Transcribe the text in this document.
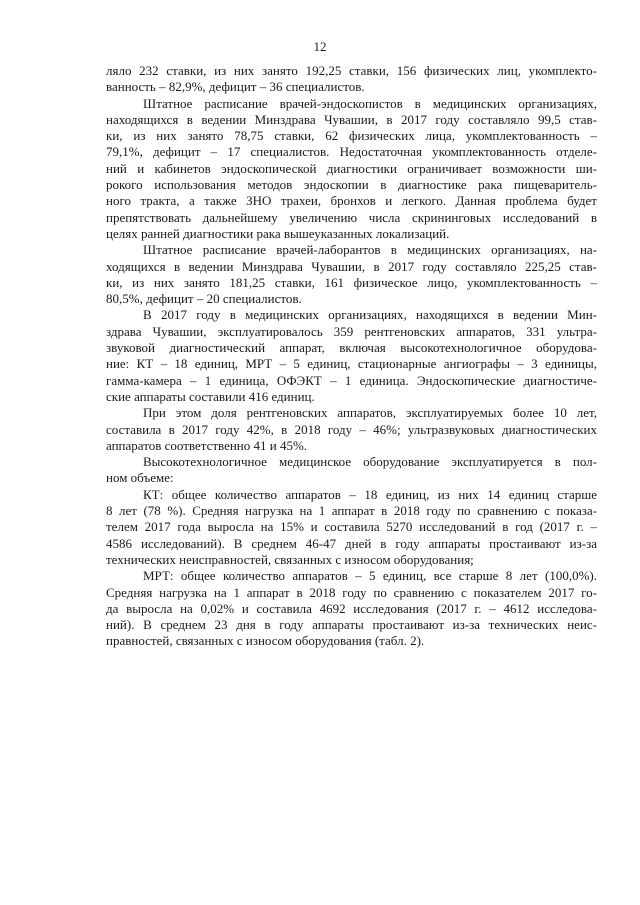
12
ляло 232 ставки, из них занято 192,25 ставки, 156 физических лиц, укомплекто-
ванность – 82,9%, дефицит – 36 специалистов.
Штатное расписание врачей-эндоскопистов в медицинских организациях,
находящихся в ведении Минздрава Чувашии, в 2017 году составляло 99,5 став-
ки, из них занято 78,75 ставки, 62 физических лица, укомплектованность –
79,1%, дефицит – 17 специалистов. Недостаточная укомплектованность отделе-
ний и кабинетов эндоскопической диагностики ограничивает возможности ши-
рокого использования методов эндоскопии в диагностике рака пищеваритель-
ного тракта, а также ЗНО трахеи, бронхов и легкого. Данная проблема будет
препятствовать дальнейшему увеличению числа скрининговых исследований в
целях ранней диагностики рака вышеуказанных локализаций.
Штатное расписание врачей-лаборантов в медицинских организациях, на-
ходящихся в ведении Минздрава Чувашии, в 2017 году составляло 225,25 став-
ки, из них занято 181,25 ставки, 161 физическое лицо, укомплектованность –
80,5%, дефицит – 20 специалистов.
В 2017 году в медицинских организациях, находящихся в ведении Мин-
здрава Чувашии, эксплуатировалось 359 рентгеновских аппаратов, 331 ультра-
звуковой диагностический аппарат, включая высокотехнологичное оборудова-
ние: КТ – 18 единиц, МРТ – 5 единиц, стационарные ангиографы – 3 единицы,
гамма-камера – 1 единица, ОФЭКТ – 1 единица. Эндоскопические диагностиче-
ские аппараты составили 416 единиц.
При этом доля рентгеновских аппаратов, эксплуатируемых более 10 лет,
составила в 2017 году 42%, в 2018 году – 46%; ультразвуковых диагностических
аппаратов соответственно 41 и 45%.
Высокотехнологичное медицинское оборудование эксплуатируется в пол-
ном объеме:
КТ: общее количество аппаратов – 18 единиц, из них 14 единиц старше
8 лет (78 %). Средняя нагрузка на 1 аппарат в 2018 году по сравнению с показа-
телем 2017 года выросла на 15% и составила 5270 исследований в год (2017 г. –
4586 исследований). В среднем 46-47 дней в году аппараты простаивают из-за
технических неисправностей, связанных с износом оборудования;
МРТ: общее количество аппаратов – 5 единиц, все старше 8 лет (100,0%).
Средняя нагрузка на 1 аппарат в 2018 году по сравнению с показателем 2017 го-
да выросла на 0,02% и составила 4692 исследования (2017 г. – 4612 исследова-
ний). В среднем 23 дня в году аппараты простаивают из-за технических неис-
правностей, связанных с износом оборудования (табл. 2).
